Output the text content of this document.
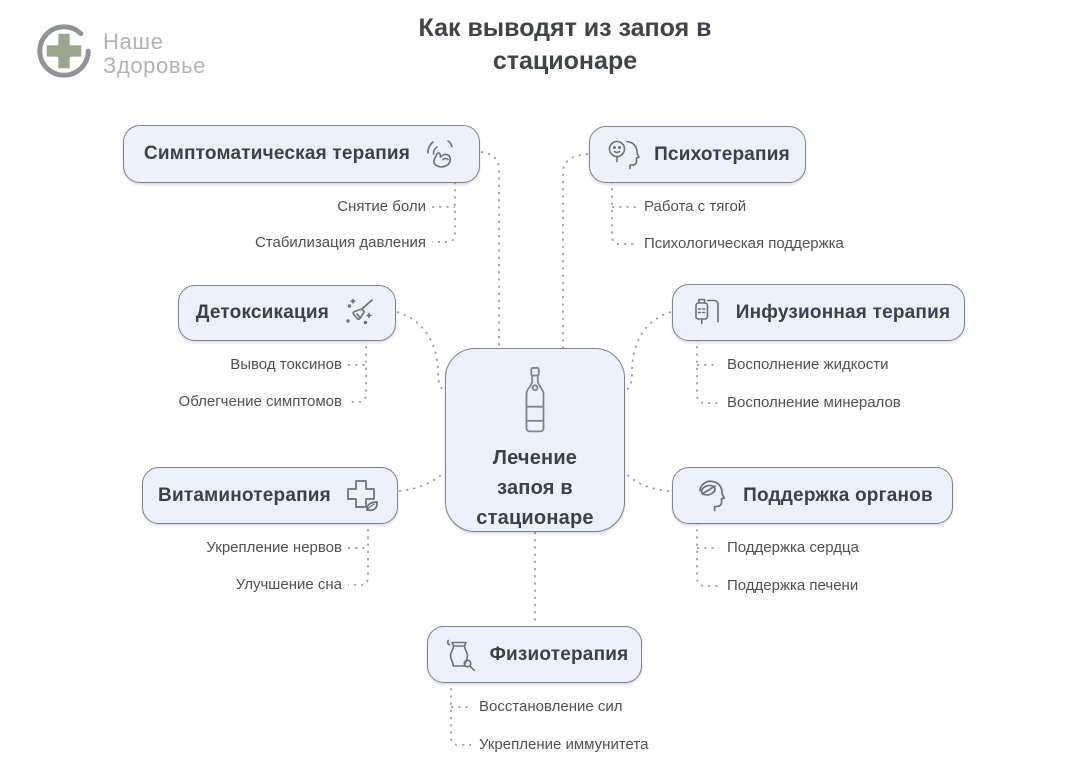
Наше
Здоровье
Как выводят из запоя в
стационаре
Симптоматическая терапия	Психотерапия
Детоксикация	Инфузионная терапия
Лечение
запоя в
стационаре
Витаминотерапия	Поддержка органов
Физиотерапия
Снятие боли
Стабилизация давления
Работа с тягой
Психологическая поддержка
Вывод токсинов
Облегчение симптомов
Восполнение жидкости
Восполнение минералов
Укрепление нервов
Улучшение сна
Поддержка сердца
Поддержка печени
Восстановление сил
Укрепление иммунитета
